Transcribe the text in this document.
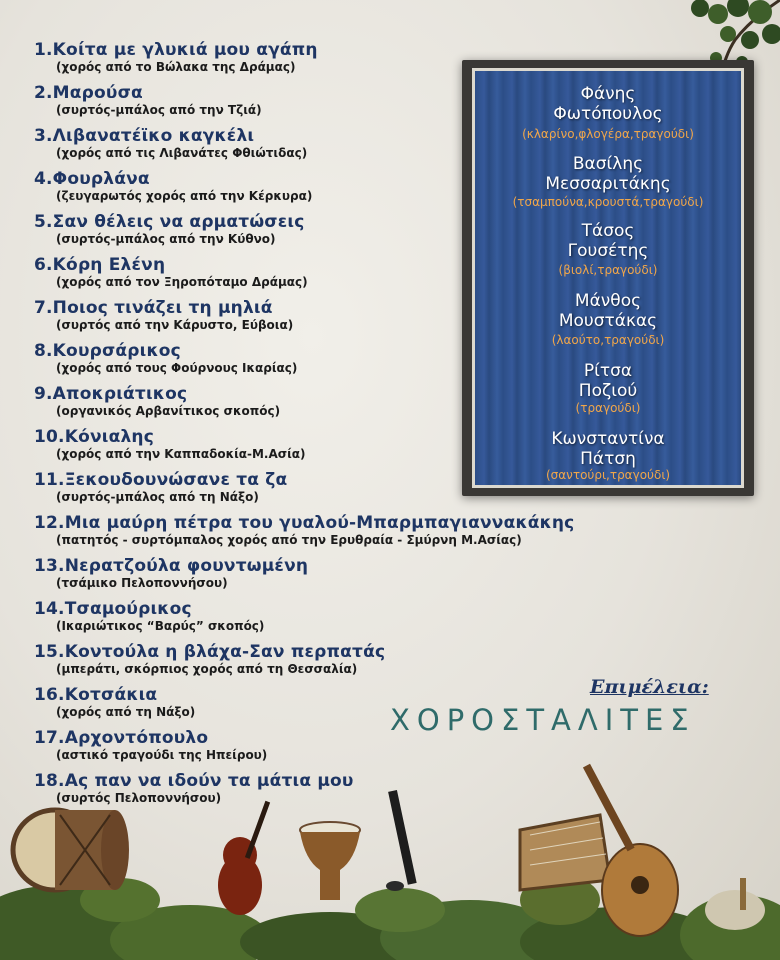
1.Κοίτα με γλυκιά μου αγάπη
(χορός από το Βώλακα της Δράμας)
2.Μαρούσα
(συρτός-μπάλος από την Τζιά)
3.Λιβανατέϊκο καγκέλι
(χορός από τις Λιβανάτες Φθιώτιδας)
4.Φουρλάνα
(ζευγαρωτός χορός από την Κέρκυρα)
5.Σαν θέλεις να αρματώσεις
(συρτός-μπάλος από την Κύθνο)
6.Κόρη Ελένη
(χορός από τον Ξηροπόταμο Δράμας)
7.Ποιος τινάζει τη μηλιά
(συρτός από την Κάρυστο, Εύβοια)
8.Κουρσάρικος
(χορός από τους Φούρνους Ικαρίας)
9.Αποκριάτικος
(οργανικός Αρβανίτικος σκοπός)
10.Κόνιαλης
(χορός από την Καππαδοκία-Μ.Ασία)
11.Ξεκουδουνώσανε τα ζα
(συρτός-μπάλος από τη Νάξο)
12.Μια μαύρη πέτρα του γυαλού-Μπαρμπαγιαννακάκης
(πατητός - συρτόμπαλος χορός από την Ερυθραία - Σμύρνη Μ.Ασίας)
13.Νερατζούλα φουντωμένη
(τσάμικο Πελοποννήσου)
14.Τσαμούρικος
(Ικαριώτικος “Βαρύς” σκοπός)
15.Κοντούλα η βλάχα-Σαν περπατάς
(μπεράτι, σκόρπιος χορός από τη Θεσσαλία)
16.Κοτσάκια
(χορός από τη Νάξο)
17.Αρχοντόπουλο
(αστικό τραγούδι της Ηπείρου)
18.Ας παν να ιδούν τα μάτια μου
(συρτός Πελοποννήσου)
Φάνης
Φωτόπουλος
(κλαρίνο,φλογέρα,τραγούδι)
Βασίλης
Μεσσαριτάκης
(τσαμπούνα,κρουστά,τραγούδι)
Τάσος
Γουσέτης
(βιολί,τραγούδι)
Μάνθος
Μουστάκας
(λαούτο,τραγούδι)
Ρίτσα
Ποζιού
(τραγούδι)
Κωνσταντίνα
Πάτση
(σαντούρι,τραγούδι)
Επιμέλεια:
ΧΟΡΟΣΤΑΛΙΤΕΣ
